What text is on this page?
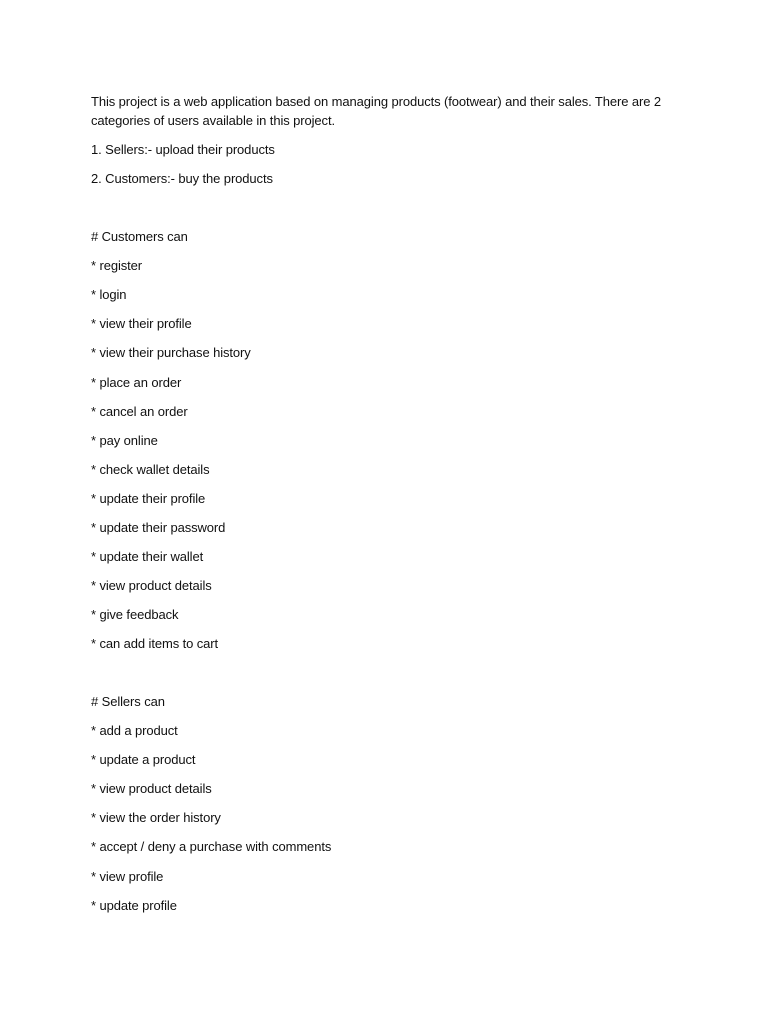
This project is a web application based on managing products (footwear) and their sales. There are 2
categories of users available in this project.
1. Sellers:- upload their products
2. Customers:- buy the products
# Customers can
* register
* login
* view their profile
* view their purchase history
* place an order
* cancel an order
* pay online
* check wallet details
* update their profile
* update their password
* update their wallet
* view product details
* give feedback
* can add items to cart
# Sellers can
* add a product
* update a product
* view product details
* view the order history
* accept / deny a purchase with comments
* view profile
* update profile
